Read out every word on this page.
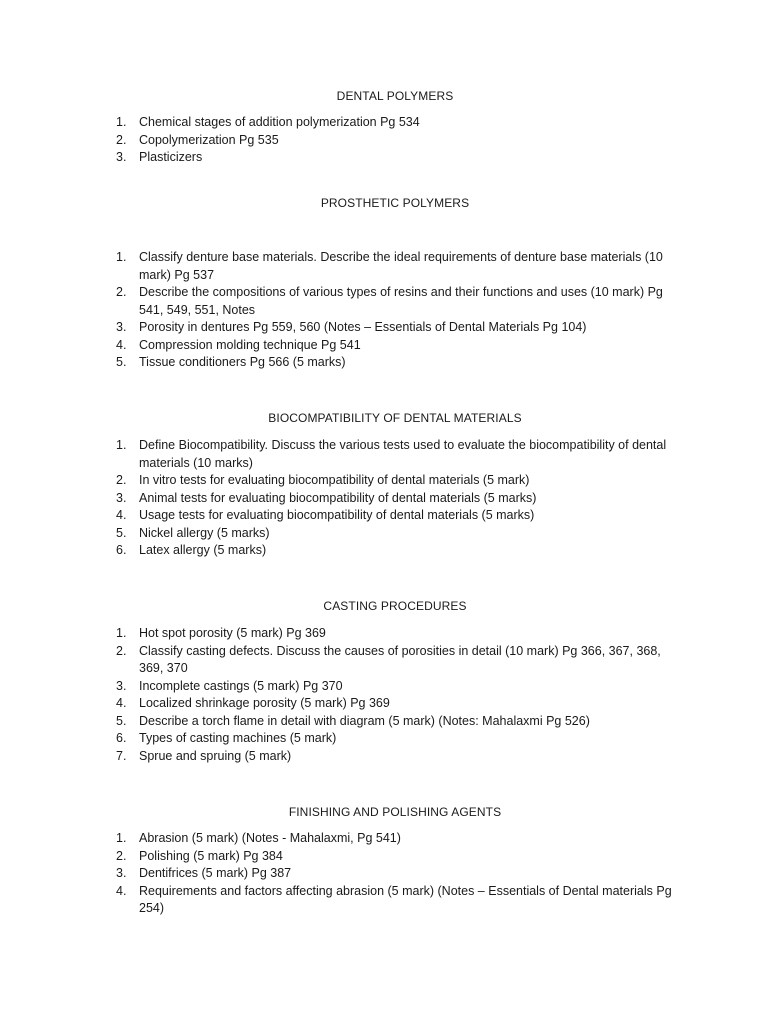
DENTAL POLYMERS
1.	Chemical stages of addition polymerization Pg 534
2.	Copolymerization Pg 535
3.	Plasticizers
PROSTHETIC POLYMERS
1.	Classify denture base materials. Describe the ideal requirements of denture base materials (10 mark) Pg 537
2.	Describe the compositions of various types of resins and their functions and uses (10 mark) Pg 541, 549, 551, Notes
3.	Porosity in dentures Pg 559, 560 (Notes – Essentials of Dental Materials Pg 104)
4.	Compression molding technique Pg 541
5.	Tissue conditioners Pg 566 (5 marks)
BIOCOMPATIBILITY OF DENTAL MATERIALS
1.	Define Biocompatibility. Discuss the various tests used to evaluate the biocompatibility of dental materials (10 marks)
2.	In vitro tests for evaluating biocompatibility of dental materials (5 mark)
3.	Animal tests for evaluating biocompatibility of dental materials (5 marks)
4.	Usage tests for evaluating biocompatibility of dental materials (5 marks)
5.	Nickel allergy (5 marks)
6.	Latex allergy (5 marks)
CASTING PROCEDURES
1.	Hot spot porosity (5 mark) Pg 369
2.	Classify casting defects. Discuss the causes of porosities in detail (10 mark) Pg 366, 367, 368, 369, 370
3.	Incomplete castings (5 mark) Pg 370
4.	Localized shrinkage porosity (5 mark) Pg 369
5.	Describe a torch flame in detail with diagram (5 mark) (Notes: Mahalaxmi Pg 526)
6.	Types of casting machines (5 mark)
7.	Sprue and spruing (5 mark)
FINISHING AND POLISHING AGENTS
1.	Abrasion (5 mark) (Notes - Mahalaxmi, Pg 541)
2.	Polishing (5 mark) Pg 384
3.	Dentifrices (5 mark) Pg 387
4.	Requirements and factors affecting abrasion (5 mark) (Notes – Essentials of Dental materials Pg 254)
